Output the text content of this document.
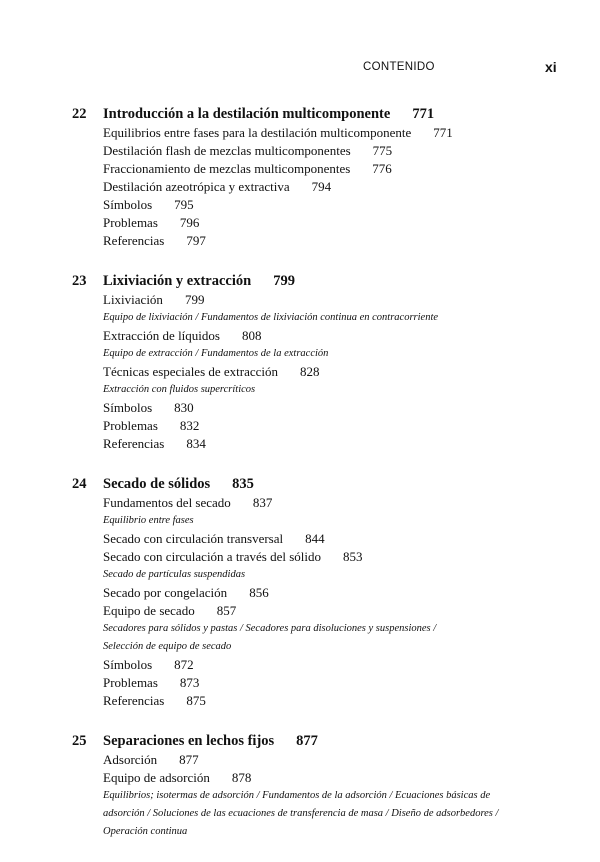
CONTENIDO	xi
22 Introducción a la destilación multicomponente 771
Equilibrios entre fases para la destilación multicomponente 771
Destilación flash de mezclas multicomponentes 775
Fraccionamiento de mezclas multicomponentes 776
Destilación azeotrópica y extractiva 794
Símbolos 795
Problemas 796
Referencias 797
23 Lixiviación y extracción 799
Lixiviación 799
Equipo de lixiviación / Fundamentos de lixiviación continua en contracorriente
Extracción de líquidos 808
Equipo de extracción / Fundamentos de la extracción
Técnicas especiales de extracción 828
Extracción con fluidos supercríticos
Símbolos 830
Problemas 832
Referencias 834
24 Secado de sólidos 835
Fundamentos del secado 837
Equilibrio entre fases
Secado con circulación transversal 844
Secado con circulación a través del sólido 853
Secado de partículas suspendidas
Secado por congelación 856
Equipo de secado 857
Secadores para sólidos y pastas / Secadores para disoluciones y suspensiones /
Selección de equipo de secado
Símbolos 872
Problemas 873
Referencias 875
25 Separaciones en lechos fijos 877
Adsorción 877
Equipo de adsorción 878
Equilibrios; isotermas de adsorción / Fundamentos de la adsorción / Ecuaciones básicas de
adsorción / Soluciones de las ecuaciones de transferencia de masa / Diseño de adsorbedores /
Operación continua
